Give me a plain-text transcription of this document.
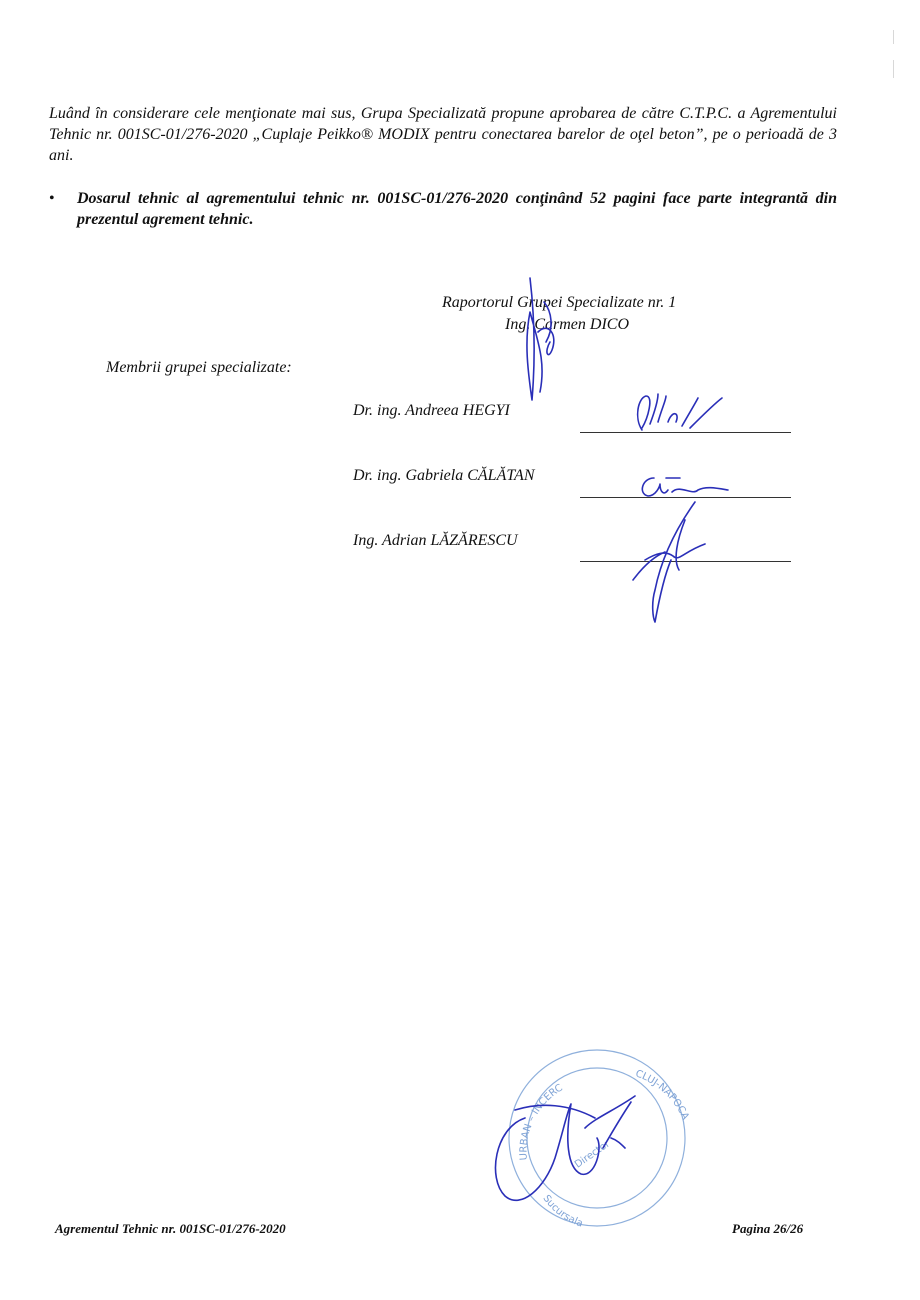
Luând în considerare cele menţionate mai sus, Grupa Specializată propune aprobarea de către C.T.P.C. a Agrementului Tehnic nr. 001SC-01/276-2020 „Cuplaje Peikko® MODIX pentru conectarea barelor de oţel beton”, pe o perioadă de 3 ani.
•	Dosarul tehnic al agrementului tehnic nr. 001SC-01/276-2020 conţinând 52 pagini face parte integrantă din prezentul agrement tehnic.
Raportorul Grupei Specializate nr. 1
Ing. Carmen DICO
Membrii grupei specializate:
Dr. ing. Andreea HEGYI
Dr. ing. Gabriela CĂLĂTAN
Ing. Adrian LĂZĂRESCU
URBAN – INCERC
CLUJ-NAPOCA
Sucursala
Director
Agrementul Tehnic nr. 001SC-01/276-2020	Pagina 26/26
